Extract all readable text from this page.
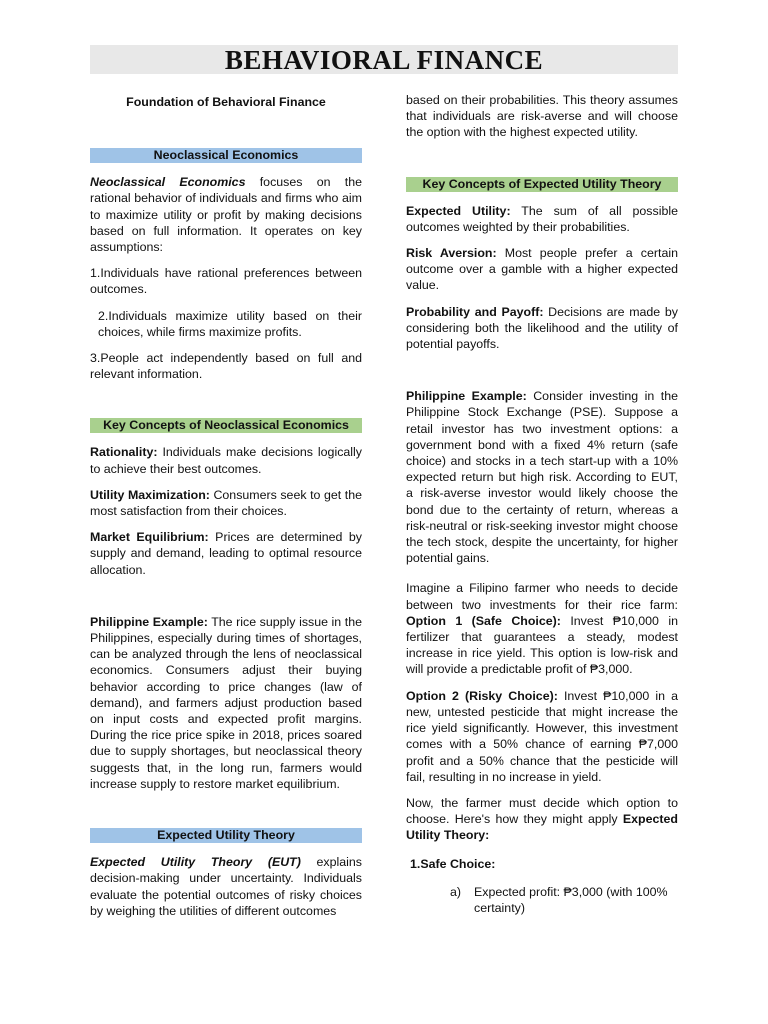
BEHAVIORAL FINANCE

Foundation of Behavioral Finance

Neoclassical Economics

Neoclassical Economics focuses on the rational behavior of individuals and firms who aim to maximize utility or profit by making decisions based on full information. It operates on key assumptions:

1.Individuals have rational preferences between outcomes.

2.Individuals maximize utility based on their choices, while firms maximize profits.

3.People act independently based on full and relevant information.

Key Concepts of Neoclassical Economics

Rationality: Individuals make decisions logically to achieve their best outcomes.

Utility Maximization: Consumers seek to get the most satisfaction from their choices.

Market Equilibrium: Prices are determined by supply and demand, leading to optimal resource allocation.

Philippine Example: The rice supply issue in the Philippines, especially during times of shortages, can be analyzed through the lens of neoclassical economics. Consumers adjust their buying behavior according to price changes (law of demand), and farmers adjust production based on input costs and expected profit margins. During the rice price spike in 2018, prices soared due to supply shortages, but neoclassical theory suggests that, in the long run, farmers would increase supply to restore market equilibrium.

Expected Utility Theory

Expected Utility Theory (EUT) explains decision-making under uncertainty. Individuals evaluate the potential outcomes of risky choices by weighing the utilities of different outcomes

based on their probabilities. This theory assumes that individuals are risk-averse and will choose the option with the highest expected utility.

Key Concepts of Expected Utility Theory

Expected Utility: The sum of all possible outcomes weighted by their probabilities.

Risk Aversion: Most people prefer a certain outcome over a gamble with a higher expected value.

Probability and Payoff: Decisions are made by considering both the likelihood and the utility of potential payoffs.

Philippine Example: Consider investing in the Philippine Stock Exchange (PSE). Suppose a retail investor has two investment options: a government bond with a fixed 4% return (safe choice) and stocks in a tech start-up with a 10% expected return but high risk. According to EUT, a risk-averse investor would likely choose the bond due to the certainty of return, whereas a risk-neutral or risk-seeking investor might choose the tech stock, despite the uncertainty, for higher potential gains.

Imagine a Filipino farmer who needs to decide between two investments for their rice farm: Option 1 (Safe Choice): Invest ₱10,000 in fertilizer that guarantees a steady, modest increase in rice yield. This option is low-risk and will provide a predictable profit of ₱3,000.

Option 2 (Risky Choice): Invest ₱10,000 in a new, untested pesticide that might increase the rice yield significantly. However, this investment comes with a 50% chance of earning ₱7,000 profit and a 50% chance that the pesticide will fail, resulting in no increase in yield.

Now, the farmer must decide which option to choose. Here's how they might apply Expected Utility Theory:

1.Safe Choice:

a)	Expected profit: ₱3,000 (with 100% certainty)
